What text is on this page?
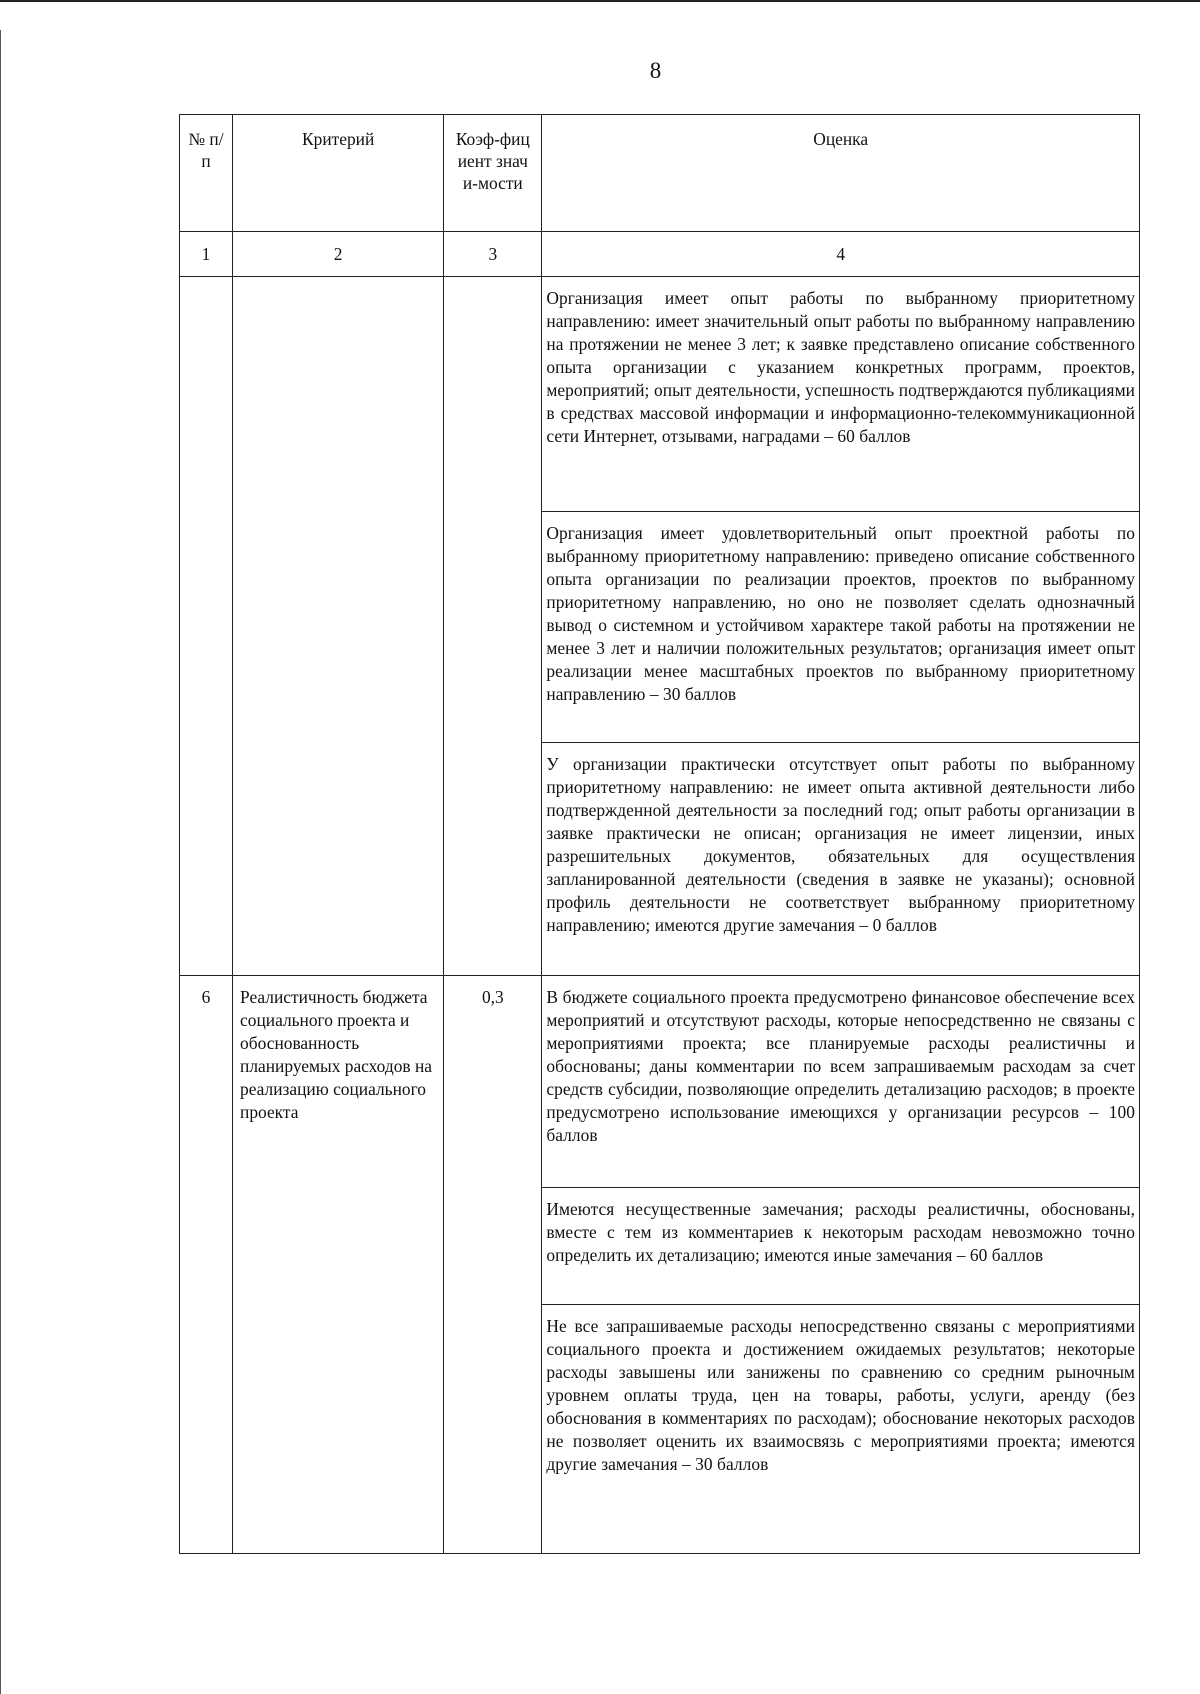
8
№ п/п	Критерий	Коэф-фициент значи-мости	Оценка
1	2	3	4

			Организация имеет опыт работы по выбранному приоритетному направлению: имеет значительный опыт работы по выбранному направлению на протяжении не менее 3 лет; к заявке представлено описание собственного опыта организации с указанием конкретных программ, проектов, мероприятий; опыт деятельности, успешность подтверждаются публикациями в средствах массовой информации и информационно-телекоммуникационной сети Интернет, отзывами, наградами – 60 баллов

			Организация имеет удовлетворительный опыт проектной работы по выбранному приоритетному направлению: приведено описание собственного опыта организации по реализации проектов, проектов по выбранному приоритетному направлению, но оно не позволяет сделать однозначный вывод о системном и устойчивом характере такой работы на протяжении не менее 3 лет и наличии положительных результатов; организация имеет опыт реализации менее масштабных проектов по выбранному приоритетному направлению – 30 баллов

			У организации практически отсутствует опыт работы по выбранному приоритетному направлению: не имеет опыта активной деятельности либо подтвержденной деятельности за последний год; опыт работы организации в заявке практически не описан; организация не имеет лицензии, иных разрешительных документов, обязательных для осуществления запланированной деятельности (сведения в заявке не указаны); основной профиль деятельности не соответствует выбранному приоритетному направлению; имеются другие замечания – 0 баллов

6	Реалистичность бюджета социального проекта и обоснованность планируемых расходов на реализацию социального проекта	0,3	В бюджете социального проекта предусмотрено финансовое обеспечение всех мероприятий и отсутствуют расходы, которые непосредственно не связаны с мероприятиями проекта; все планируемые расходы реалистичны и обоснованы; даны комментарии по всем запрашиваемым расходам за счет средств субсидии, позволяющие определить детализацию расходов; в проекте предусмотрено использование имеющихся у организации ресурсов – 100 баллов

			Имеются несущественные замечания; расходы реалистичны, обоснованы, вместе с тем из комментариев к некоторым расходам невозможно точно определить их детализацию; имеются иные замечания – 60 баллов

			Не все запрашиваемые расходы непосредственно связаны с мероприятиями социального проекта и достижением ожидаемых результатов; некоторые расходы завышены или занижены по сравнению со средним рыночным уровнем оплаты труда, цен на товары, работы, услуги, аренду (без обоснования в комментариях по расходам); обоснование некоторых расходов не позволяет оценить их взаимосвязь с мероприятиями проекта; имеются другие замечания – 30 баллов
